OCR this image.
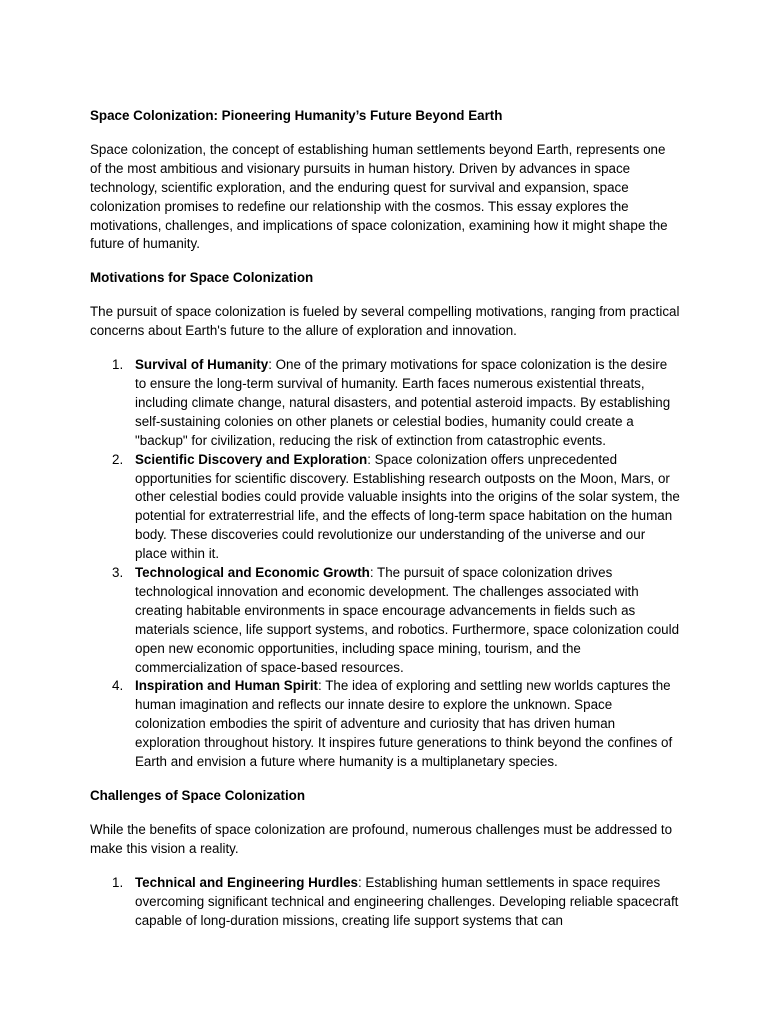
Space Colonization: Pioneering Humanity’s Future Beyond Earth

Space colonization, the concept of establishing human settlements beyond Earth, represents one of the most ambitious and visionary pursuits in human history. Driven by advances in space technology, scientific exploration, and the enduring quest for survival and expansion, space colonization promises to redefine our relationship with the cosmos. This essay explores the motivations, challenges, and implications of space colonization, examining how it might shape the future of humanity.

Motivations for Space Colonization

The pursuit of space colonization is fueled by several compelling motivations, ranging from practical concerns about Earth's future to the allure of exploration and innovation.

1. Survival of Humanity: One of the primary motivations for space colonization is the desire to ensure the long-term survival of humanity. Earth faces numerous existential threats, including climate change, natural disasters, and potential asteroid impacts. By establishing self-sustaining colonies on other planets or celestial bodies, humanity could create a "backup" for civilization, reducing the risk of extinction from catastrophic events.
2. Scientific Discovery and Exploration: Space colonization offers unprecedented opportunities for scientific discovery. Establishing research outposts on the Moon, Mars, or other celestial bodies could provide valuable insights into the origins of the solar system, the potential for extraterrestrial life, and the effects of long-term space habitation on the human body. These discoveries could revolutionize our understanding of the universe and our place within it.
3. Technological and Economic Growth: The pursuit of space colonization drives technological innovation and economic development. The challenges associated with creating habitable environments in space encourage advancements in fields such as materials science, life support systems, and robotics. Furthermore, space colonization could open new economic opportunities, including space mining, tourism, and the commercialization of space-based resources.
4. Inspiration and Human Spirit: The idea of exploring and settling new worlds captures the human imagination and reflects our innate desire to explore the unknown. Space colonization embodies the spirit of adventure and curiosity that has driven human exploration throughout history. It inspires future generations to think beyond the confines of Earth and envision a future where humanity is a multiplanetary species.

Challenges of Space Colonization

While the benefits of space colonization are profound, numerous challenges must be addressed to make this vision a reality.

1. Technical and Engineering Hurdles: Establishing human settlements in space requires overcoming significant technical and engineering challenges. Developing reliable spacecraft capable of long-duration missions, creating life support systems that can
